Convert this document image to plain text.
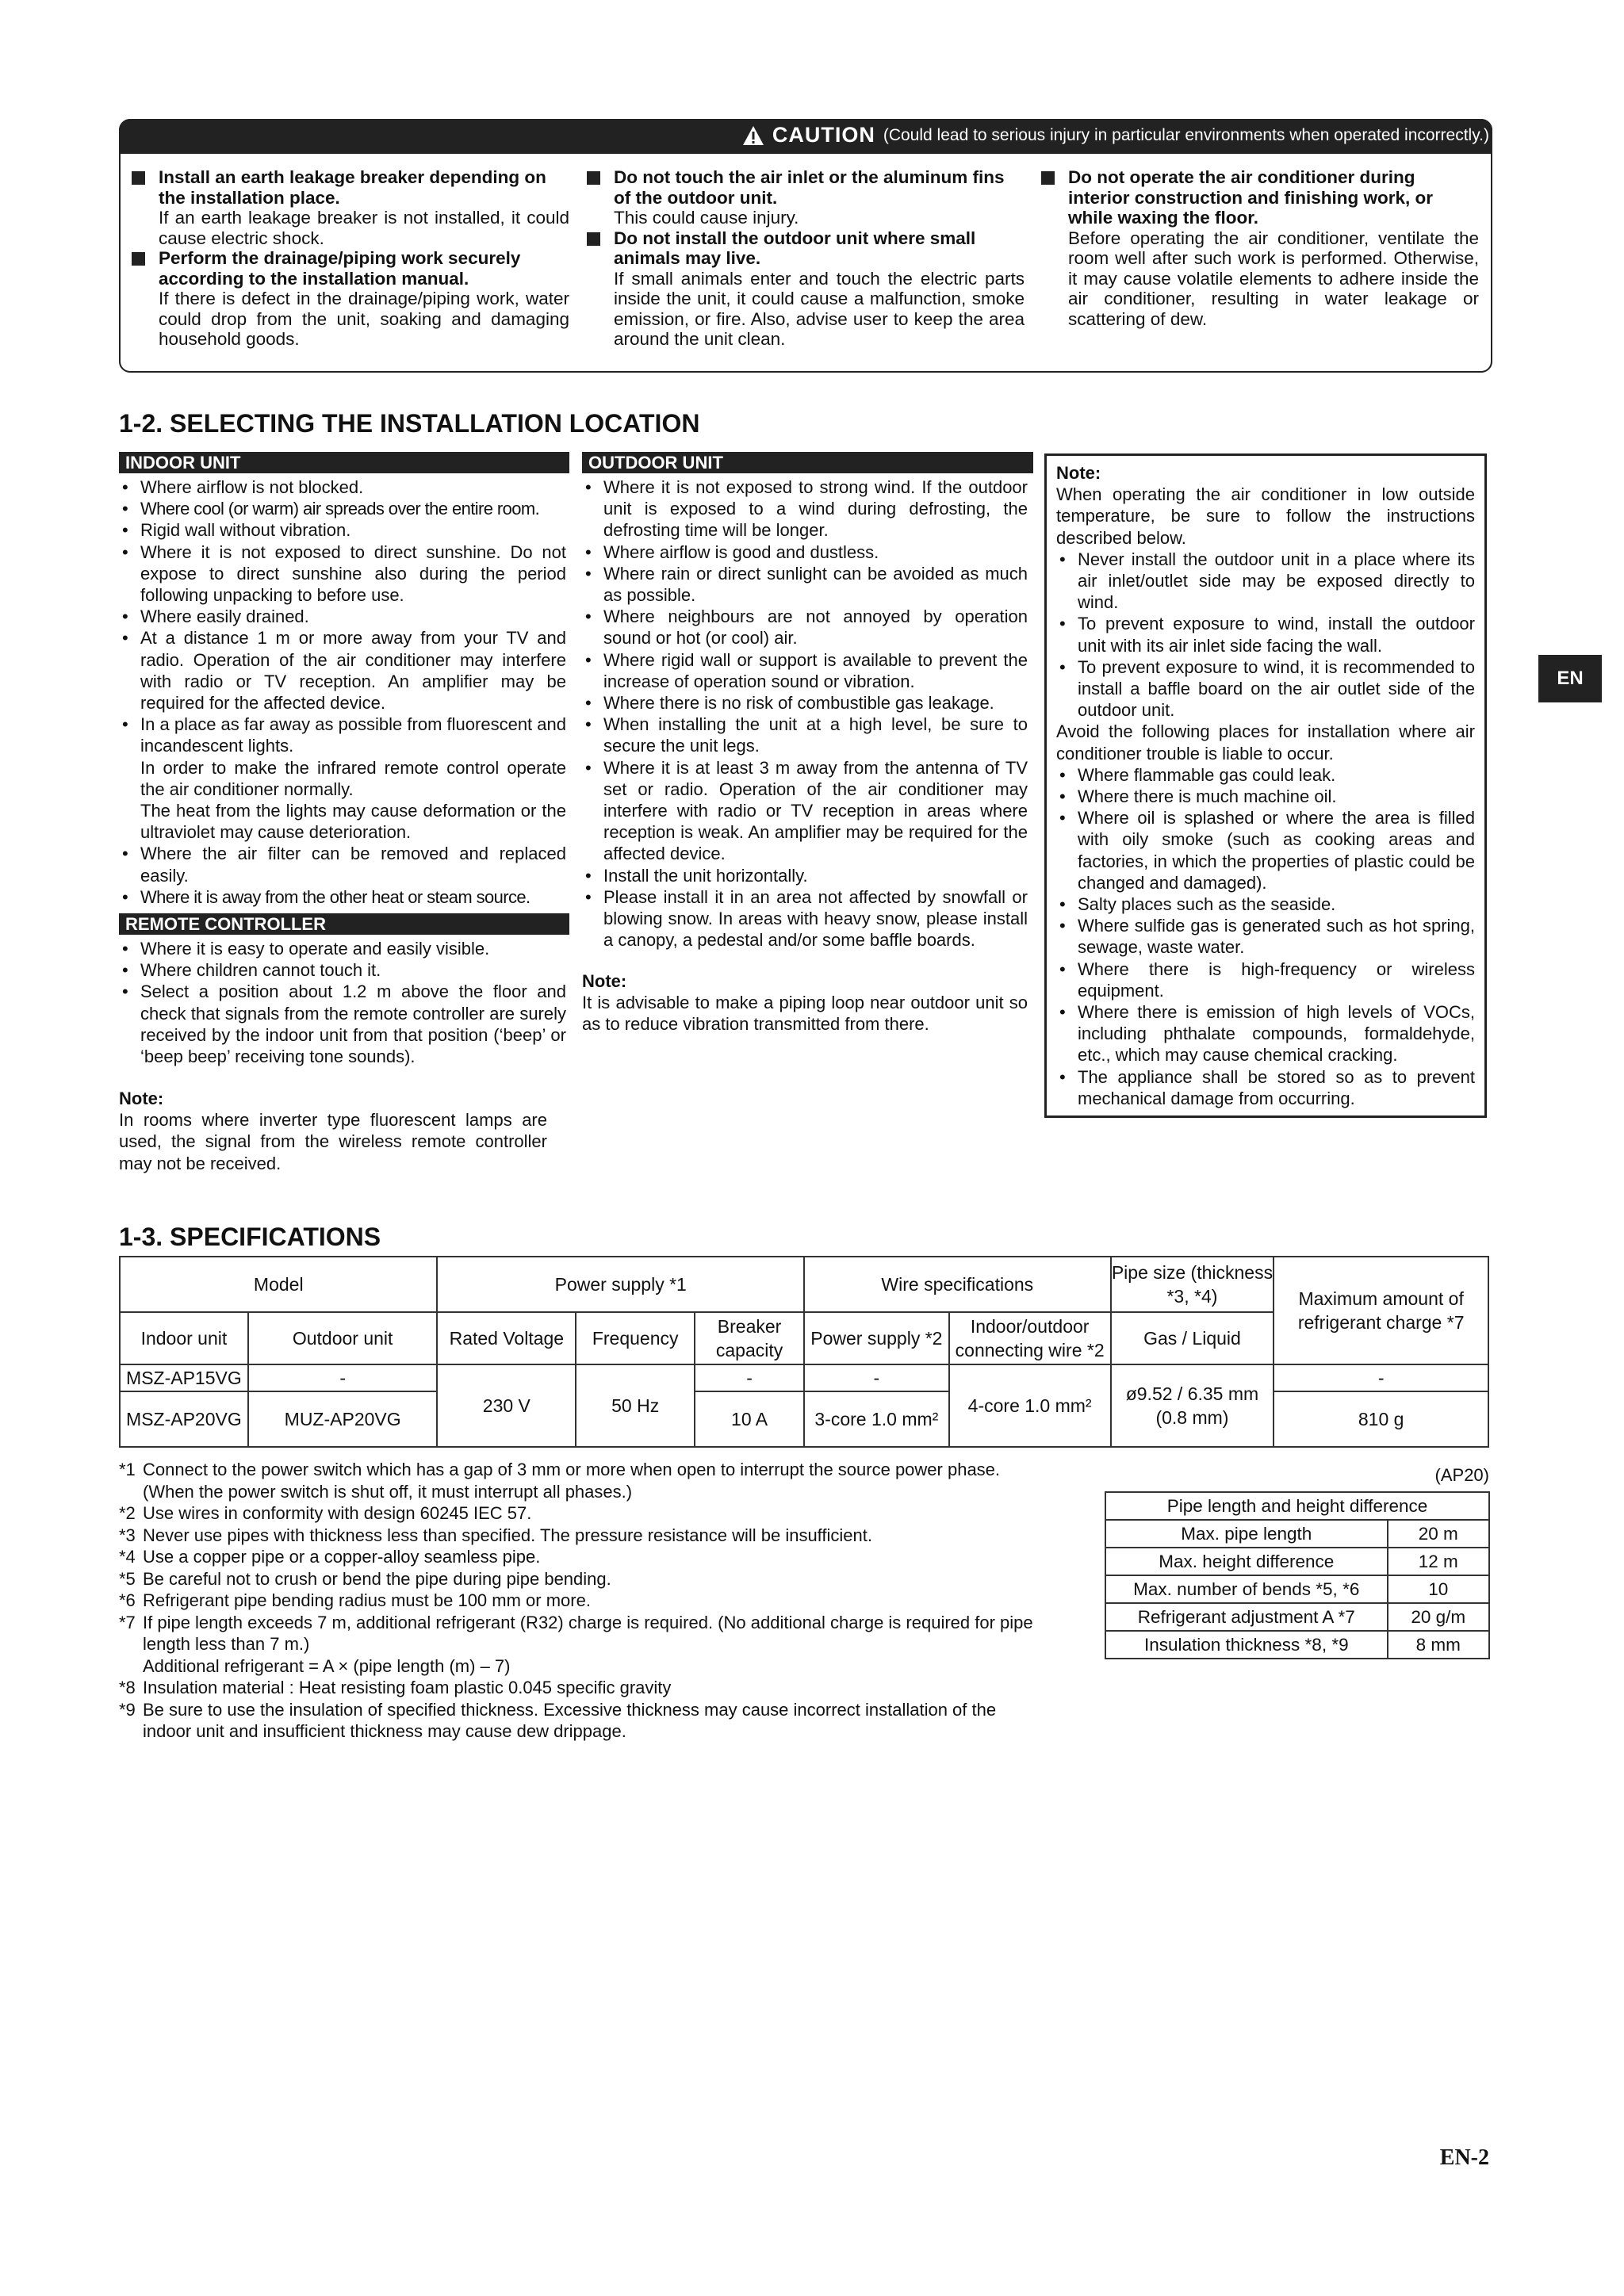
CAUTION (Could lead to serious injury in particular environments when operated incorrectly.)
Install an earth leakage breaker depending on the installation place.
If an earth leakage breaker is not installed, it could cause electric shock.
Perform the drainage/piping work securely according to the installation manual.
If there is defect in the drainage/piping work, water could drop from the unit, soaking and damaging household goods.
Do not touch the air inlet or the aluminum fins of the outdoor unit.
This could cause injury.
Do not install the outdoor unit where small animals may live.
If small animals enter and touch the electric parts inside the unit, it could cause a malfunction, smoke emission, or fire. Also, advise user to keep the area around the unit clean.
Do not operate the air conditioner during interior construction and finishing work, or while waxing the floor.
Before operating the air conditioner, ventilate the room well after such work is performed. Otherwise, it may cause volatile elements to adhere inside the air conditioner, resulting in water leakage or scattering of dew.
1-2. SELECTING THE INSTALLATION LOCATION
INDOOR UNIT
• Where airflow is not blocked.
• Where cool (or warm) air spreads over the entire room.
• Rigid wall without vibration.
• Where it is not exposed to direct sunshine. Do not expose to direct sunshine also during the period following unpacking to before use.
• Where easily drained.
• At a distance 1 m or more away from your TV and radio. Operation of the air conditioner may interfere with radio or TV reception. An amplifier may be required for the affected device.
• In a place as far away as possible from fluorescent and incandescent lights.
In order to make the infrared remote control operate the air conditioner normally.
The heat from the lights may cause deformation or the ultraviolet may cause deterioration.
• Where the air filter can be removed and replaced easily.
• Where it is away from the other heat or steam source.
REMOTE CONTROLLER
• Where it is easy to operate and easily visible.
• Where children cannot touch it.
• Select a position about 1.2 m above the floor and check that signals from the remote controller are surely received by the indoor unit from that position (‘beep’ or ‘beep beep’ receiving tone sounds).
Note:
In rooms where inverter type fluorescent lamps are used, the signal from the wireless remote controller may not be received.
OUTDOOR UNIT
• Where it is not exposed to strong wind. If the outdoor unit is exposed to a wind during defrosting, the defrosting time will be longer.
• Where airflow is good and dustless.
• Where rain or direct sunlight can be avoided as much as possible.
• Where neighbours are not annoyed by operation sound or hot (or cool) air.
• Where rigid wall or support is available to prevent the increase of operation sound or vibration.
• Where there is no risk of combustible gas leakage.
• When installing the unit at a high level, be sure to secure the unit legs.
• Where it is at least 3 m away from the antenna of TV set or radio. Operation of the air conditioner may interfere with radio or TV reception in areas where reception is weak. An amplifier may be required for the affected device.
• Install the unit horizontally.
• Please install it in an area not affected by snowfall or blowing snow. In areas with heavy snow, please install a canopy, a pedestal and/or some baffle boards.
Note:
It is advisable to make a piping loop near outdoor unit so as to reduce vibration transmitted from there.
Note:
When operating the air conditioner in low outside temperature, be sure to follow the instructions described below.
• Never install the outdoor unit in a place where its air inlet/outlet side may be exposed directly to wind.
• To prevent exposure to wind, install the outdoor unit with its air inlet side facing the wall.
• To prevent exposure to wind, it is recommended to install a baffle board on the air outlet side of the outdoor unit.
Avoid the following places for installation where air conditioner trouble is liable to occur.
• Where flammable gas could leak.
• Where there is much machine oil.
• Where oil is splashed or where the area is filled with oily smoke (such as cooking areas and factories, in which the properties of plastic could be changed and damaged).
• Salty places such as the seaside.
• Where sulfide gas is generated such as hot spring, sewage, waste water.
• Where there is high-frequency or wireless equipment.
• Where there is emission of high levels of VOCs, including phthalate compounds, formaldehyde, etc., which may cause chemical cracking.
• The appliance shall be stored so as to prevent mechanical damage from occurring.
EN
1-3. SPECIFICATIONS
Model		Power supply *1			Wire specifications		Pipe size (thickness *3, *4)	Maximum amount of refrigerant charge *7
Indoor unit	Outdoor unit	Rated Voltage	Frequency	Breaker capacity	Power supply *2	Indoor/outdoor connecting wire *2	Gas / Liquid	
MSZ-AP15VG	-	230 V	50 Hz	-	-	4-core 1.0 mm²	ø9.52 / 6.35 mm (0.8 mm)	-
MSZ-AP20VG	MUZ-AP20VG			10 A	3-core 1.0 mm²			810 g
*1 Connect to the power switch which has a gap of 3 mm or more when open to interrupt the source power phase. (When the power switch is shut off, it must interrupt all phases.)
*2 Use wires in conformity with design 60245 IEC 57.
*3 Never use pipes with thickness less than specified. The pressure resistance will be insufficient.
*4 Use a copper pipe or a copper-alloy seamless pipe.
*5 Be careful not to crush or bend the pipe during pipe bending.
*6 Refrigerant pipe bending radius must be 100 mm or more.
*7 If pipe length exceeds 7 m, additional refrigerant (R32) charge is required. (No additional charge is required for pipe length less than 7 m.)
Additional refrigerant = A × (pipe length (m) – 7)
*8 Insulation material : Heat resisting foam plastic 0.045 specific gravity
*9 Be sure to use the insulation of specified thickness. Excessive thickness may cause incorrect installation of the indoor unit and insufficient thickness may cause dew drippage.
(AP20)
Pipe length and height difference	
Max. pipe length	20 m
Max. height difference	12 m
Max. number of bends *5, *6	10
Refrigerant adjustment A *7	20 g/m
Insulation thickness *8, *9	8 mm
EN-2
